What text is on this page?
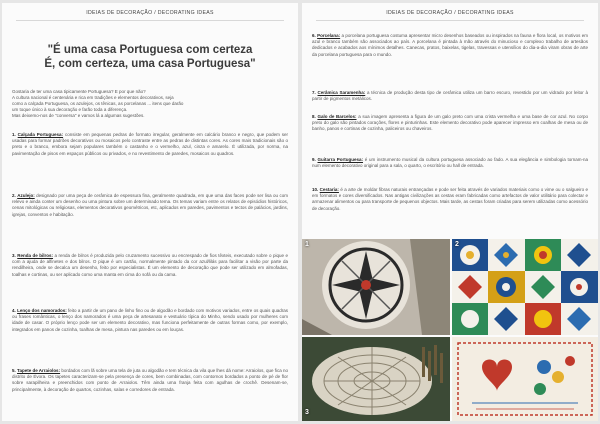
IDEIAS DE DECORAÇÃO / DECORATING IDEAS
"É uma casa Portuguesa com certeza
É, com certeza, uma casa Portuguesa"
Gostaria de ter uma casa tipicamente Portuguesa? E por que não?
A cultura nacional é centenária e rica em tradições e elementos decorativos, seja
como a calçada Portuguesa, os azulejos, os tênicas, as porcelanas ... itens que darão
um toque único à sua decoração e farão toda a diferença.
Mas deixemo-nos de "conversa" e vamos lá a algumas sugestões.
1. Calçada Portuguesa: consiste em pequenas pedras de formato irregular, geralmente em calcário branco e negro, que podem ser usadas para formar padrões decorativos ou mosaicos pelo contraste entre as pedras de distintas cores. As cores mais tradicionais são o preto e o branco, embora sejam populares também o castanho e o vermelho, azul, cinza e amarelo. É utilizada, por norma, na pavimentação de pisos em espaços públicos ou privados, e no revestimento de paredes, mosaicos ou quadros.
2. Azulejo: designado por uma peça de cerâmica de espessura fina, geralmente quadrada, em que uma das faces pode ser lisa ou com relevo e ainda conter um desenho ou uma pintura sobre um determinado tema. Os temas variam entre os relatos de episódios históricos, cenas mitológicas ou religiosas, elementos decorativos geométricos, etc, aplicados em paredes, pavimentos e tectos de palácios, jardins, igrejas, conventos e habitação.
3. Renda de bilros: a renda de bilros é produzida pelo cruzamento sucessivo ou encrespado de fios têxteis, executado sobre o pique e com a ajuda de alfinetes e dos bilros. O pique é um cartão, normalmente pintado da cor azul/lilás para facilitar a visão por parte da rendilheira, onde se decalca um desenho, feito por especialistas. É um elemento de decoração que pode ser utilizado em almofadas, toalhas e cortinas, ou ser aplicado como uma manta em cima do sofá ou da cama.
4. Lenço dos namorados: feito a partir de um pano de linho fino ou de algodão e bordado com motivos variados, entre os quais quadras ou frases românticas, o lenço dos namorados é uma peça de artesanato e vestuário típica do Minho, sendo usado por mulheres com idade de casar. O próprio lenço pode ser um elemento decorativo, mas funciona perfeitamente de outras formas como, por exemplo, integrados em panos de cozinha, toalhas de mesa, pintura nas paredes ou em louças.
5. Tapete de Arraiolos: bordados com lã sobre uma tela de juta ou algodão e tem técnica da vila que lhes dá nome: Arraiolos, que fica no distrito de Évora. Os tapetes caracterizam-se pela presença de cores, bem combinadas, com contornos bordados a ponto de pé de flor sobre sarapilheira e preenchidos com ponto de Arraiolos. Têm ainda uma franja feita com agulhas de crochê. Desenam-se, principalmente, à decoração de quartos, cozinhas, salas e corredores de entrada.
IDEIAS DE DECORAÇÃO / DECORATING IDEAS
6. Porcelana: a porcelana portuguesa costuma apresentar micro desenhos baseados ou inspirados na fauna e flora local, os motivos em azul e branco também são associados ao país. A porcelana é pintada à mão através do minucioso e complexo trabalho de artesãos dedicados e acabados aos mínimos detalhes. Canecas, pratos, baixelas, tigelas, travessas e utensílios do dia-a-dia viram obras de arte da porcelana portuguesa para o mundo.
7. Cerâmica Saramenha: a técnica de produção desta tipo de cerâmica utiliza um barro escuro, revestido por um vidrado por leitor à partir de pigmentos metálicos.
8. Galo de Barcelos: a sua imagem apresenta a figura de um galo preto com uma crista vermelha e uma base de cor azul. No corpo preto do galo são pintados corações, flores e pinturinhas. Este elemento decorativo pode aparecer impresso em coalhas de mesa ou de banho, panos e cortinas de cozinha, paliceiros ou chaveiros.
9. Guitarra Portuguesa: é um instrumento musical da cultura portuguesa associado ao fado. A sua elegância e simbologia tornam-na num elemento decorativo original para a sala, o quarto, o escritório ou hall de entrada.
10. Cestaria: é a arte de moldar fibras naturais entrançadas e pode ser feita através de variados materiais como o vime ou o salgueiro e em formatos e cores diversificados. Nas antigas civilizações as cestas eram fabricadas como artefactos de valor utilitário para colectar e armazenar alimentos ou para transporte de pequenos objectos. Mais tarde, as cestas foram criadas para serem utilizadas como acessório de decoração.
1	2
3
